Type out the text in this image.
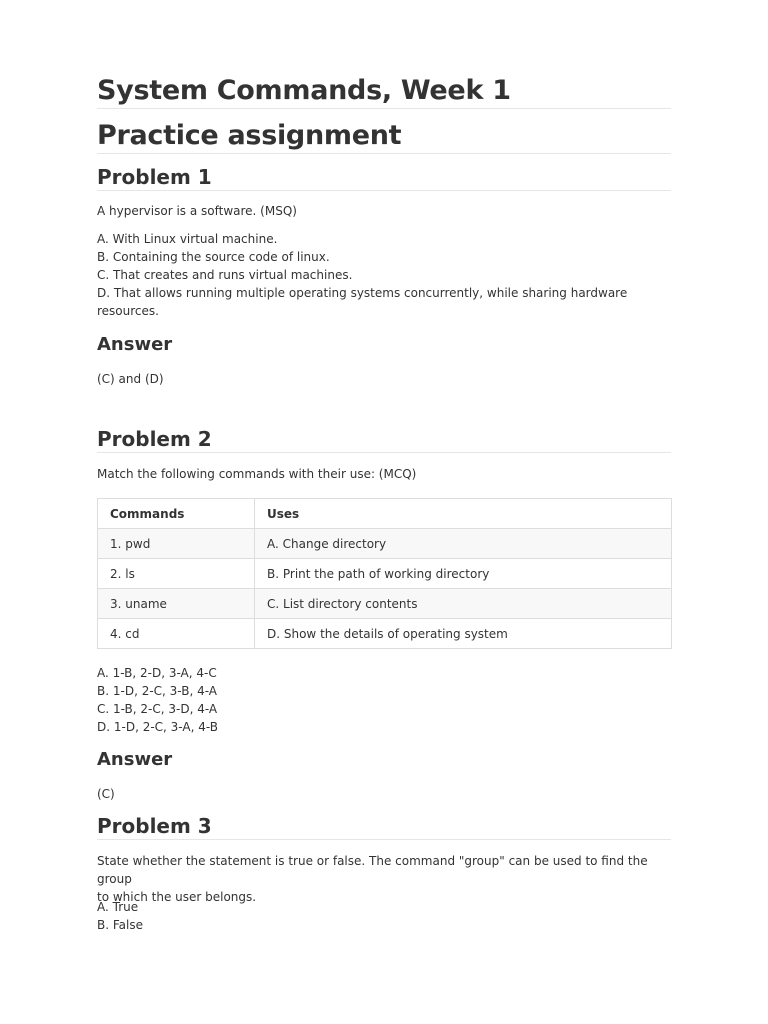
System Commands, Week 1
Practice assignment
Problem 1
A hypervisor is a software. (MSQ)
A. With Linux virtual machine.
B. Containing the source code of linux.
C. That creates and runs virtual machines.
D. That allows running multiple operating systems concurrently, while sharing hardware
resources.
Answer
(C) and (D)
Problem 2
Match the following commands with their use: (MCQ)
Commands	Uses
1. pwd	A. Change directory
2. ls	B. Print the path of working directory
3. uname	C. List directory contents
4. cd	D. Show the details of operating system
A. 1-B, 2-D, 3-A, 4-C
B. 1-D, 2-C, 3-B, 4-A
C. 1-B, 2-C, 3-D, 4-A
D. 1-D, 2-C, 3-A, 4-B
Answer
(C)
Problem 3
State whether the statement is true or false. The command "group" can be used to find the group
to which the user belongs.
A. True
B. False
